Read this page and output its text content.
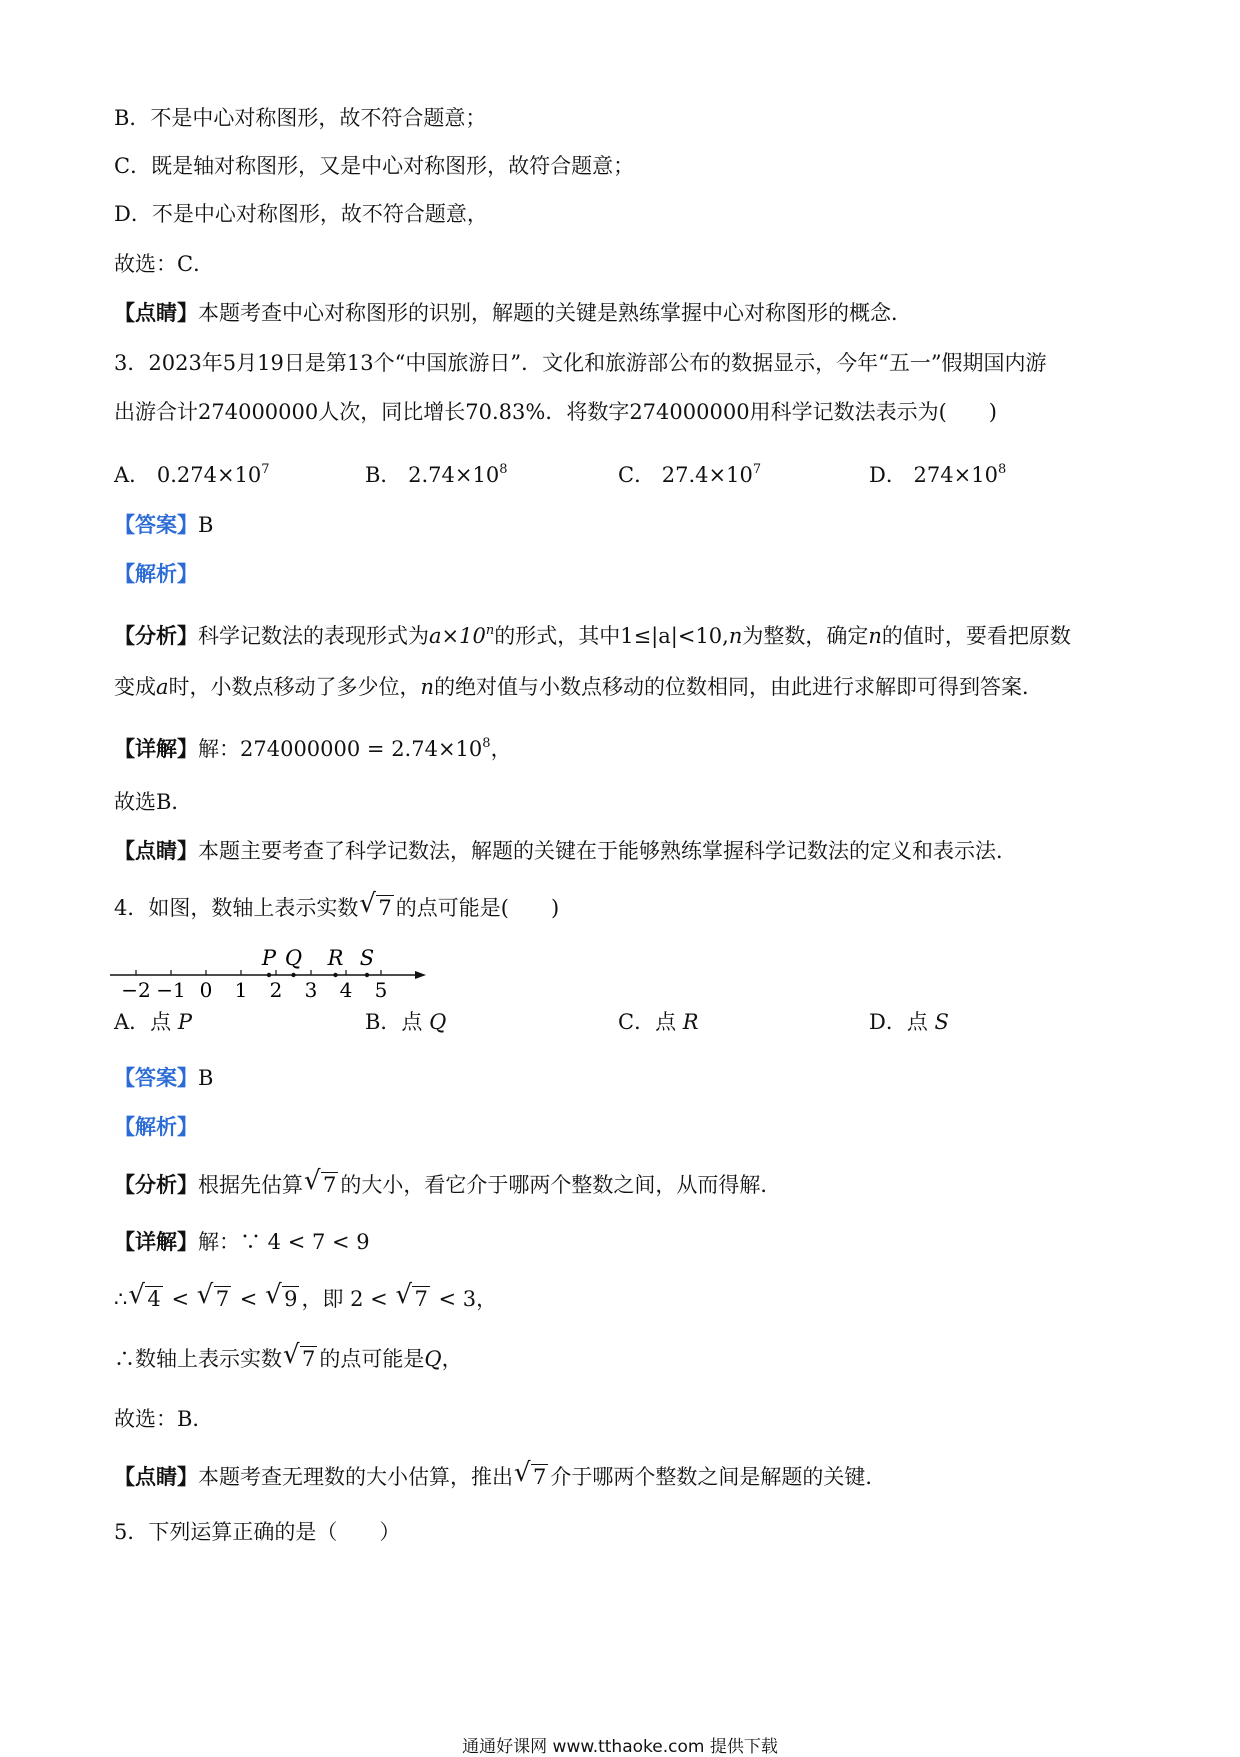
B．不是中心对称图形，故不符合题意；
C．既是轴对称图形，又是中心对称图形，故符合题意；
D．不是中心对称图形，故不符合题意，
故选：C．
【点睛】本题考查中心对称图形的识别，解题的关键是熟练掌握中心对称图形的概念．
3．2023年5月19日是第13个“中国旅游日”．文化和旅游部公布的数据显示，今年“五一”假期国内游
出游合计274000000人次，同比增长70.83%．将数字274000000用科学记数法表示为(　　)
A． $0.274\times 10^7$	B． $2.74\times 10^8$	C． $27.4\times 10^7$	D． $274\times 10^8$
【答案】B
【解析】
【分析】科学记数法的表现形式为$a\times 10^n$的形式，其中1≤|a|<10,n为整数，确定n的值时，要看把原数
变成a时，小数点移动了多少位，n的绝对值与小数点移动的位数相同，由此进行求解即可得到答案．
【详解】解：$274000000 = 2.74\times 10^8$，
故选B．
【点睛】本题主要考查了科学记数法，解题的关键在于能够熟练掌握科学记数法的定义和表示法．
4．如图，数轴上表示实数 √ 7 的点可能是(　　)
−2 −1 0 1 2 3 4 5
P Q R S
A．点 P	B．点 Q	C．点 R	D．点 S
【答案】B
【解析】
【分析】根据先估算 √ 7 的大小，看它介于哪两个整数之间，从而得解．
【详解】解：∵ 4 < 7 < 9
∴ √ 4 < √ 7 < √ 9 ，即 2 < √ 7 < 3，
∴数轴上表示实数 √ 7 的点可能是Q，
故选：B．
【点睛】本题考查无理数的大小估算，推出 √ 7 介于哪两个整数之间是解题的关键．
5．下列运算正确的是（　　）
通通好课网 www.tthaoke.com 提供下载
